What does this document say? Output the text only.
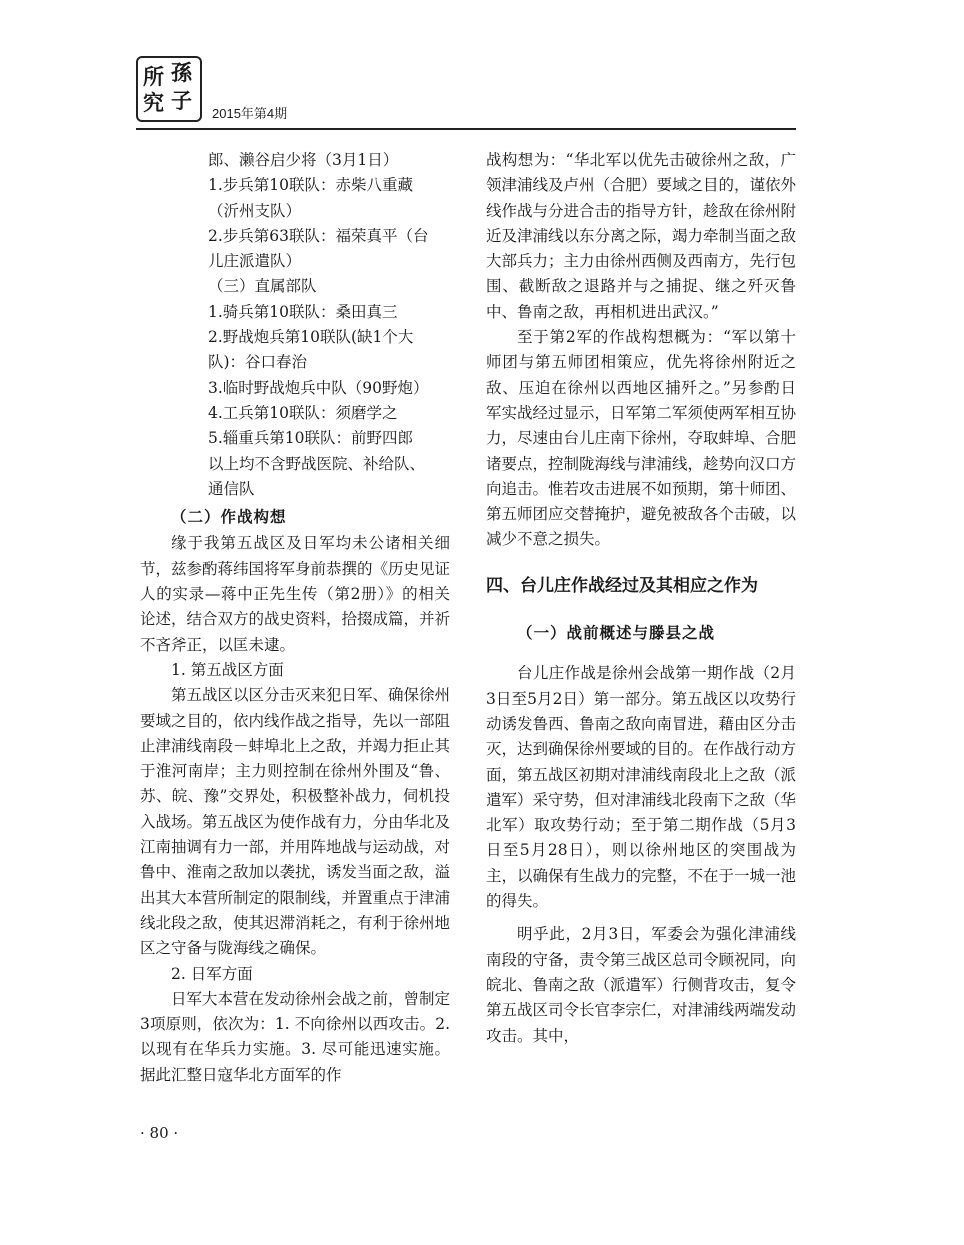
所 孫
究 子
2015年第4期

郎、濑谷启少将（3月1日）

1.步兵第10联队：赤柴八重藏

（沂州支队）

2.步兵第63联队：福荣真平（台

儿庄派遣队）

（三）直属部队

1.骑兵第10联队：桑田真三

2.野战炮兵第10联队(缺1个大

队)：谷口春治

3.临时野战炮兵中队（90野炮）

4.工兵第10联队：须磨学之

5.辎重兵第10联队：前野四郎

以上均不含野战医院、补给队、

通信队

（二）作战构想

缘于我第五战区及日军均未公诸相关细节，兹参酌蒋纬国将军身前恭撰的《历史见证人的实录—蒋中正先生传（第2册）》的相关论述，结合双方的战史资料，拾掇成篇，并祈不吝斧正，以匡未逮。

1. 第五战区方面

第五战区以区分击灭来犯日军、确保徐州要域之目的，依内线作战之指导，先以一部阻止津浦线南段－蚌埠北上之敌，并竭力拒止其于淮河南岸；主力则控制在徐州外围及“鲁、苏、皖、豫”交界处，积极整补战力，伺机投入战场。第五战区为使作战有力，分由华北及江南抽调有力一部，并用阵地战与运动战，对鲁中、淮南之敌加以袭扰，诱发当面之敌，溢出其大本营所制定的限制线，并置重点于津浦线北段之敌，使其迟滞消耗之，有利于徐州地区之守备与陇海线之确保。

2. 日军方面

日军大本营在发动徐州会战之前，曾制定3项原则，依次为：1. 不向徐州以西攻击。2. 以现有在华兵力实施。3. 尽可能迅速实施。据此汇整日寇华北方面军的作

战构想为：“华北军以优先击破徐州之敌，广领津浦线及卢州（合肥）要域之目的，谨依外线作战与分进合击的指导方针，趁敌在徐州附近及津浦线以东分离之际，竭力牵制当面之敌大部兵力；主力由徐州西侧及西南方，先行包围、截断敌之退路并与之捕捉、继之歼灭鲁中、鲁南之敌，再相机进出武汉。”

至于第2军的作战构想概为：“军以第十师团与第五师团相策应，优先将徐州附近之敌、压迫在徐州以西地区捕歼之。”另参酌日军实战经过显示，日军第二军须使两军相互协力，尽速由台儿庄南下徐州，夺取蚌埠、合肥诸要点，控制陇海线与津浦线，趁势向汉口方向追击。惟若攻击进展不如预期，第十师团、第五师团应交替掩护，避免被敌各个击破，以减少不意之损失。

四、台儿庄作战经过及其相应之作为

（一）战前概述与滕县之战

台儿庄作战是徐州会战第一期作战（2月3日至5月2日）第一部分。第五战区以攻势行动诱发鲁西、鲁南之敌向南冒进，藉由区分击灭，达到确保徐州要域的目的。在作战行动方面，第五战区初期对津浦线南段北上之敌（派遣军）采守势，但对津浦线北段南下之敌（华北军）取攻势行动；至于第二期作战（5月3日至5月28日），则以徐州地区的突围战为主，以确保有生战力的完整，不在于一城一池的得失。

明乎此，2月3日，军委会为强化津浦线南段的守备，责令第三战区总司令顾祝同，向皖北、鲁南之敌（派遣军）行侧背攻击，复令第五战区司令长官李宗仁，对津浦线两端发动攻击。其中，

· 80 ·
